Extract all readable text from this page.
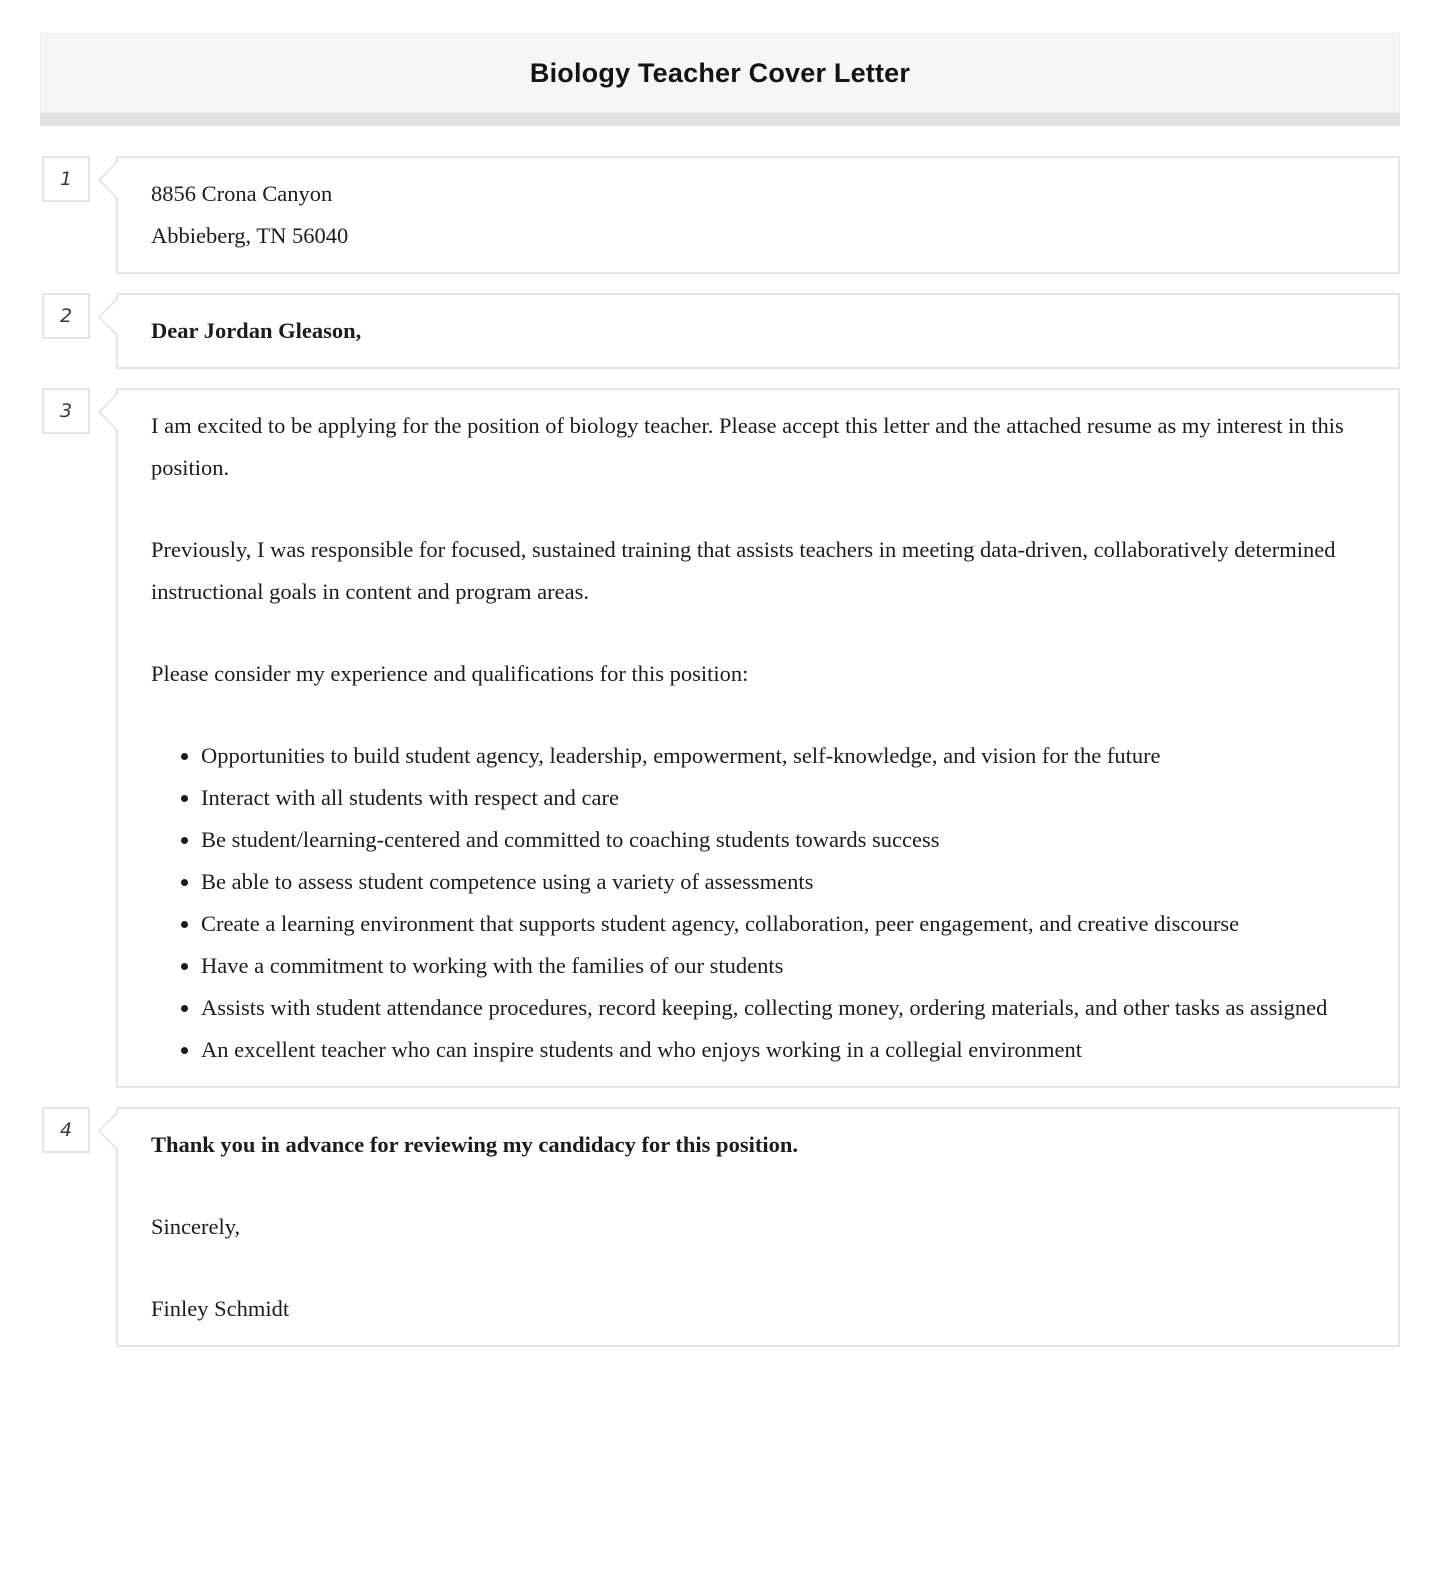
Biology Teacher Cover Letter
1
8856 Crona Canyon
Abbieberg, TN 56040
2

Dear Jordan Gleason,

3

I am excited to be applying for the position of biology teacher. Please accept this letter and the attached resume as my interest in this position.

Previously, I was responsible for focused, sustained training that assists teachers in meeting data-driven, collaboratively determined instructional goals in content and program areas.

Please consider my experience and qualifications for this position:

• Opportunities to build student agency, leadership, empowerment, self-knowledge, and vision for the future
• Interact with all students with respect and care
• Be student/learning-centered and committed to coaching students towards success
• Be able to assess student competence using a variety of assessments
• Create a learning environment that supports student agency, collaboration, peer engagement, and creative discourse
• Have a commitment to working with the families of our students
• Assists with student attendance procedures, record keeping, collecting money, ordering materials, and other tasks as assigned
• An excellent teacher who can inspire students and who enjoys working in a collegial environment
4

Thank you in advance for reviewing my candidacy for this position.

Sincerely,

Finley Schmidt
